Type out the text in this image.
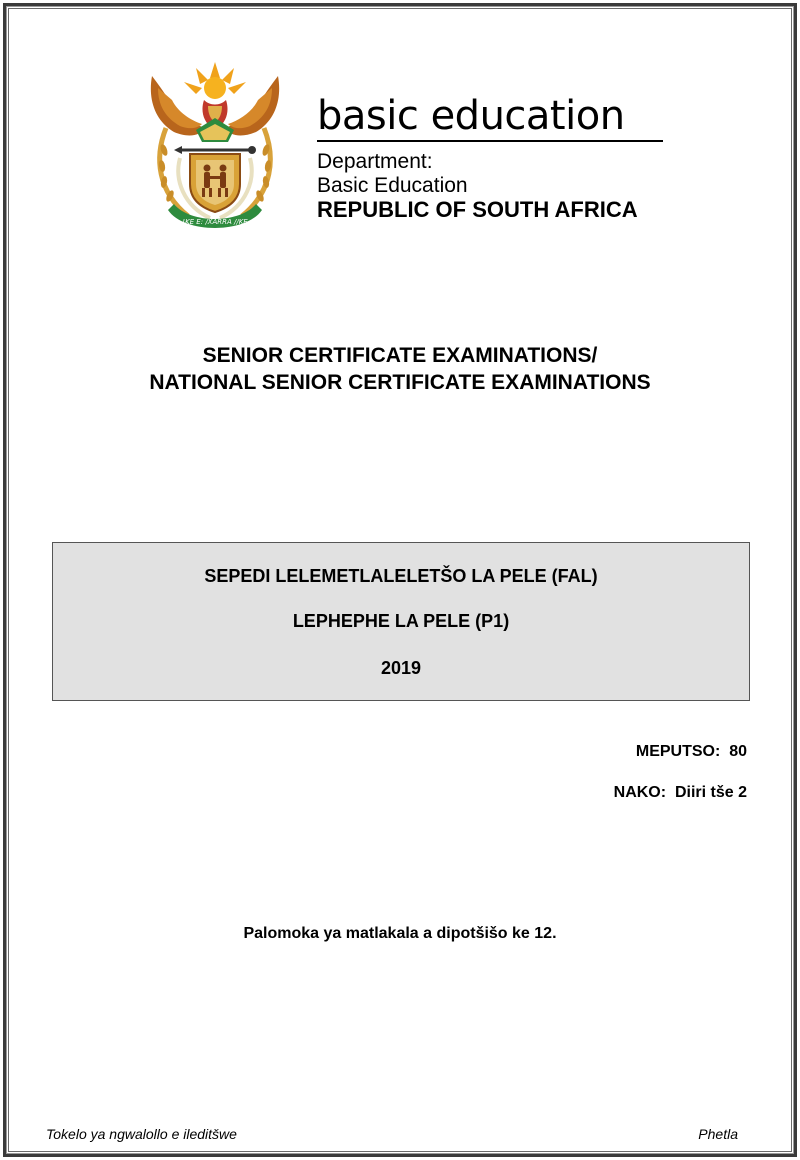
!KE E: /XARRA //KE
basic education
Department:
Basic Education
REPUBLIC OF SOUTH AFRICA
SENIOR CERTIFICATE EXAMINATIONS/
NATIONAL SENIOR CERTIFICATE EXAMINATIONS
SEPEDI LELEMETLALELETŠO LA PELE (FAL)
LEPHEPHE LA PELE (P1)
2019
MEPUTSO:  80
NAKO:  Diiri tše 2
Palomoka ya matlakala a dipotšišo ke 12.
Tokelo ya ngwalollo e ileditšwe	Phetla
